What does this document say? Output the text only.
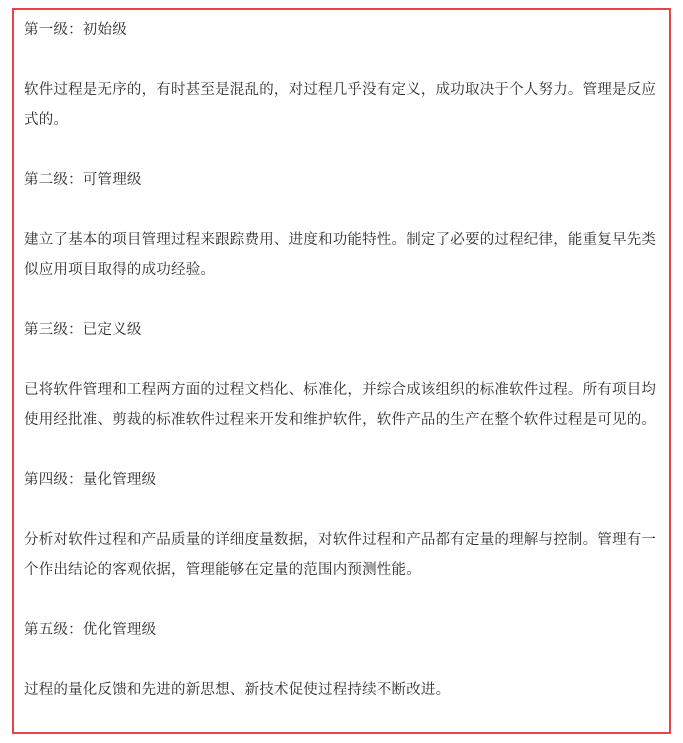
第一级：初始级

软件过程是无序的，有时甚至是混乱的，对过程几乎没有定义，成功取决于个人努力。管理是反应式的。

第二级：可管理级

建立了基本的项目管理过程来跟踪费用、进度和功能特性。制定了必要的过程纪律，能重复早先类似应用项目取得的成功经验。

第三级：已定义级

已将软件管理和工程两方面的过程文档化、标准化，并综合成该组织的标准软件过程。所有项目均使用经批准、剪裁的标准软件过程来开发和维护软件，软件产品的生产在整个软件过程是可见的。

第四级：量化管理级

分析对软件过程和产品质量的详细度量数据，对软件过程和产品都有定量的理解与控制。管理有一个作出结论的客观依据，管理能够在定量的范围内预测性能。

第五级：优化管理级

过程的量化反馈和先进的新思想、新技术促使过程持续不断改进。
